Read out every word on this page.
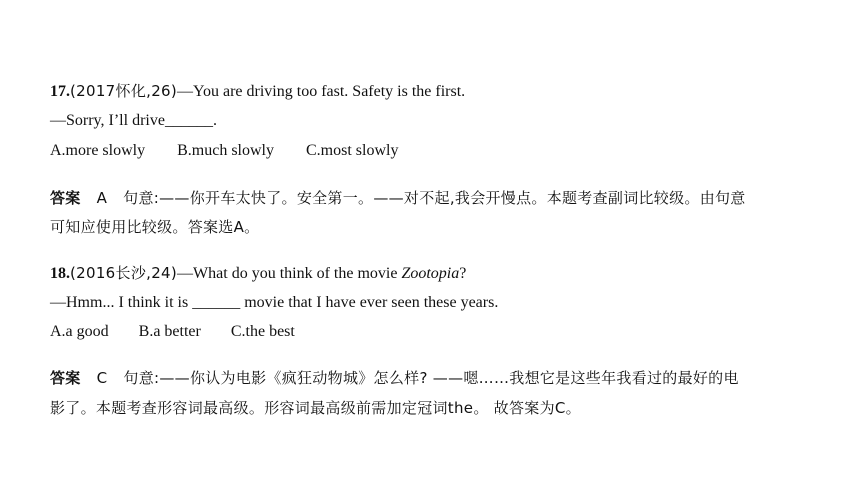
17.(2017怀化,26)—You are driving too fast. Safety is the first.
—Sorry, I’ll drive______.
A.more slowly B.much slowly C.most slowly
答案 A 句意:——你开车太快了。安全第一。——对不起,我会开慢点。本题考查副词比较级。由句意
可知应使用比较级。答案选A。
18.(2016长沙,24)—What do you think of the movie Zootopia?
—Hmm... I think it is ______ movie that I have ever seen these years.
A.a good B.a better C.the best
答案 C 句意:——你认为电影《疯狂动物城》怎么样? ——嗯……我想它是这些年我看过的最好的电
影了。本题考查形容词最高级。形容词最高级前需加定冠词the。 故答案为C。
